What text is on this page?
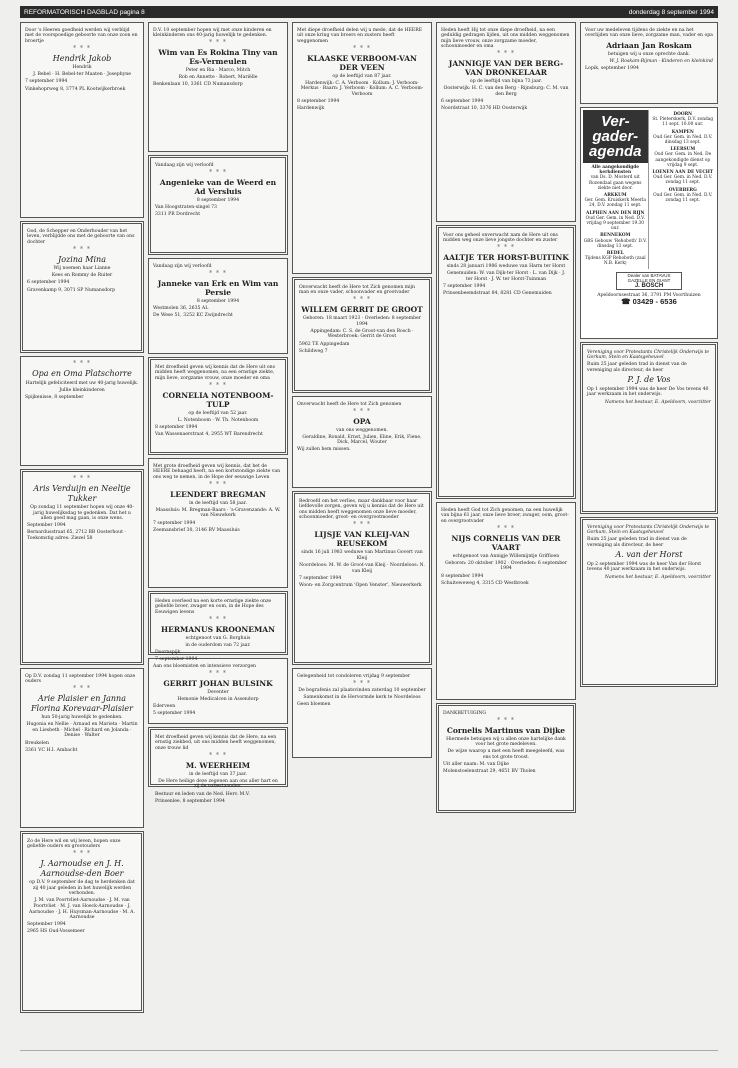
REFORMATORISCH DAGBLAD pagina 8	donderdag 8 september 1994
Door 's Heeren goedheid werden wij verblijd met de voorspoedige geboorte van onze zoon en broertje
* * *
Hendrik Jakob
Hendrik
J. Bebel · H. Bebel-ter Maaten · Josephyne
7 september 1994
Vinkehoprweg 8, 3774 PL Kootwijkerbroek
God, de Schepper en Onderhouder van het leven, verblijdde ons met de geboorte van ons dochter
* * *
Jozina Mina
Wij noemen haar Lianne
Kees en Rommy de Ruiter
6 september 1994
Gravenkamp 9, 3071 SP Numansdorp
* * *
Opa en Oma Platschorre
Hartelijk gefeliciteerd met uw 40-jarig huwelijk.
Jullie kleinkinderen
Spijkenisse, 8 september
* * *
Aris Verduijn en Neeltje Tukker
Op zondag 11 september hopen wij onze 40-jarig huwelijksdag te gedenken. Dat het u allen goed mag gaan, is onze wens.
September 1994
Bernardusstraat 65, 2712 BB Oosterhout · Toekomstig adres: Ziezel 58
Op D.V. zondag 11 september 1994 hopen onze ouders
* * *
Arie Plaisier en Janna Florina Korevaar-Plaisier
hun 50-jarig huwelijk te gedenken.
Hugonia en Nellie · Arnaud en Marieta · Martin en Liesbeth · Michel · Richard en Jolanda · Denise · Walter
Breukelen
3361 VC H.I. Ambacht
Zo de Here wil en wij leven, hopen onze geliefde ouders en grootouders
* * *
J. Aarnoudse en J. H. Aarnoudse-den Boer
op D.V. 9 september de dag te herdenken dat zij 40 jaar geleden in het huwelijk werden verbonden.
J. M. van Poortvliet-Aarnoudse · J. M. van Poortvliet · M. J. van Hoeck-Aarnoudse · J. Aarnoudse · J. H. Huysman-Aarnoudse · M. A. Aarnoudse
September 1994
2965 HS Oud-Vossemeer
D.V. 10 september hopen wij met onze kinderen en kleinkinderen ons 40-jarig huwelijk te gedenken.
* * *
Wim van Es Rokina Tiny van Es-Vermeulen
Peter en Ria · Marco, Mitch
Rob en Annette · Robert, Mariëlle
Benkenlaan 10, 3361 CD Numansdorp
Vandaag zijn wij verloofd
* * *
Angenieke van de Weerd en Ad Versluis
8 september 1994
Van Hoogstraten-singel 73
3311 PR Dordrecht
Vandaag zijn wij verloofd
* * *
Janneke van Erk en Wim van Persie
8 september 1994
Westmolen 36, 2635 AL
De Wese 51, 3252 KC Zwijndrecht
Met droefheid geven wij kennis dat de Here uit ons midden heeft weggenomen, na een ernstige ziekte, mijn lieve, zorgzame vrouw, onze moeder en oma
* * *
CORNELIA NOTENBOOM-TULP
op de leeftijd van 52 jaar.
L. Notenboom · W. Th. Notenboom
8 september 1994
Van Wassenaerstraat 4, 2955 WT Barendrecht
Met grote droefheid geven wij kennis, dat het de HEERE behaagd heeft, na een kortstondige ziekte van ons weg te nemen, in de Hope der eeuwige Leven
* * *
LEENDERT BREGMAN
in de leeftijd van 58 jaar.
Maassluis: M. Bregman-Baars · 's-Gravenzande: A. W. van Nieuwkerk
7 september 1994
Zeemansbrief 30, 3146 BV Maassluis
Heden overleed na een korte ernstige ziekte onze geliefde broer, zwager en oom, in de Hope des Eeuwigen levens
* * *
HERMANUS KROONEMAN
echtgenoot van G. Borghuis
in de ouderdom van 72 jaar.
Doornspijk
7 september 1994
Aan ons bloemisten en intensieve verzorgen
* * *
GERRIT JOHAN BULSINK
Deventer
Hemonie Medicalcen in Assendorp
Ederveen
5 september 1994
Met droefheid geven wij kennis dat de Here, na een ernstig ziekbed, uit ons midden heeft weggenomen, onze trouw lid
* * *
M. WEERHEIM
in de leeftijd van 37 jaar.
De Here heilige deze zegenen aan ons aller hart en zij de nabestaanden.
Bestuur en leden van de Ned. Herv. M.V.
Prinsenlee, 8 september 1994
Met diepe droefheid delen wij u mede, dat de HEERE uit onze kring van broers en zusters heeft weggenomen
* * *
KLAASKE VERBOOM-VAN DER VEEN
op de leeftijd van 87 jaar.
Hardenwijk: C. A. Verboom · Kollum: J. Verboom-Merkus · Baarn: J. Verboom · Kollum: A. C. Verboom-Verboom
8 september 1994
Hardenwijk
Onverwacht heeft de Here tot Zich genomen mijn man en onze vader, schoonvader en grootvader
* * *
WILLEM GERRIT DE GROOT
Geboren: 18 maart 1923 · Overleden: 8 september 1994
Appingedam: C. S. de Groot-van den Bosch · Westerbroek: Gerrit de Groot
5962 TE Appingedam
Schildweg 7
Onverwacht heeft de Here tot Zich genomen
* * *
OPA
van ons weggenomen.
Geraldine, Ronald, Ernst, Julien, Eline, Erik, Fiene, Dick, Marcel, Wouter
Wij zullen hem missen.
Bedroefd om het verlies, maar dankbaar voor haar liefdevolle zorgen, geven wij u kennis dat de Here uit ons midden heeft weggenomen onze lieve moeder, schoonmoeder, groot- en overgrootmoeder
* * *
LIJSJE VAN KLEIJ-VAN REUSEKOM
sinds 16 juli 1983 weduwe van Martinus Govert van Kleij
Noordeloos: M. W. de Groot-van Kleij · Noordeloos: N. van Kleij
7 september 1994
Woon- en Zorgcentrum 'Open Venster', Nieuwerkerk
Gelegenheid tot condoleren vrijdag 9 september
* * *
De begrafenis zal plaatsvinden zaterdag 10 september
Samenkomst in de Hervormde kerk te Noordeloos
Geen bloemen
Heden heeft Hij tot onze diepe droefheid, na een geduldig gedragen lijden, uit ons midden weggenomen mijn lieve vrouw, onze zorgzame moeder, schoonmoeder en oma
* * *
JANNIGJE VAN DER BERG-VAN DRONKELAAR
op de leeftijd van bijna 73 jaar.
Oosterwijk: H. C. van den Berg · Rijnsburg: C. M. van den Berg
6 september 1994
Noordstraat 10, 3376 HD Oosterwijk
Voor ons geheel onverwacht nam de Here uit ons midden weg onze lieve jongste dochter en zuster
* * *
AALTJE TER HORST-BUITINK
sinds 28 januari 1986 weduwe van Harm ter Horst
Genemuiden: W. van Dijk-ter Horst · L. van Dijk · J. ter Horst · J. W. ter Horst-Tuinman
7 september 1994
Prinsenbeemdstraat 84, 8281 CD Genemuiden
Heden heeft God tot Zich genomen, na een huwelijk van bijna 61 jaar, onze lieve broer, zwager, oom, groot- en overgrootvader
* * *
NIJS CORNELIS VAN DER VAART
echtgenoot van Annigje Willemijntje Griffioen
Geboren: 20 oktober 1902 · Overleden: 6 september 1994
8 september 1994
Schuiteweweg 4, 3315 CD Westbroek
DANKBETUIGING
* * *
Cornelis Martinus van Dijke
Hiermede betuigen wij u allen onze hartelijke dank voor het grote medeleven.
De wijze waarop u met een heeft meegeleefd, was ons tot grote troost.
Uit aller naam: M. van Dijke
Molenstoelenstraat 29, 4651 BV Tholen
Voor uw medeleven tijdens de ziekte en na het overlijden van onze lieve, zorgzame man, vader en opa
Adriaan Jan Roskam
betuigen wij u onze oprechte dank.
W. J. Roskam-Bijman · Kinderen en kleinkind
Lopik, september 1994
Ver-gader-agenda
Alle aangekondigde kerkdiensten
van Ds. D. Mosterd uit Rozendaal gaan wegens ziekte niet door.
ARKKUM
Ger. Gem. Kruiskerk Meerla 24, D.V. zondag 11 sept.
ALPHEN AAN DEN RIJN
Oud Ger. Gem. in Ned. D.V. vrijdag 9 september 19.30 uur.
BENNEKOM
GBS Gebouw 'Rehoboth' D.V. dinsdag 13 sept.
BEDEL
Tijdens KGP Rehoboth (zaal N.B. Kerk)
DOORN
St. Pieterskerk, D.V. zondag 11 sept. 10.00 uur.
KAMPEN
Oud Ger. Gem. in Ned. D.V. dinsdag 13 sept.
LEERSUM
Oud Ger. Gem. in Ned. De aangekondigde dienst op vrijdag 9 sept.
LOENEN AAN DE VECHT
Oud Ger. Gem. in Ned. D.V. zondag 11 sept.
OVERBERG
Oud Ger. Gem. in Ned. D.V. zondag 11 sept.
Dealer van BATAVUS
GAZELLE EN GIANT
J. BOSCH
Apeldoornsestraat 36, 3791 PM Voorthuizen
☎ 03429 - 6536
Vereniging voor Protestants Christelijk Onderwijs te Gorkum, Stein en Kaatsgeheuvel
Ruim 25 jaar geleden trad in dienst van de vereniging als directeur, de heer
P. J. de Vos
Op 1 september 1994 was de heer De Vos tevens 40 jaar werkzaam in het onderwijs.
Namens het bestuur, E. Apeldoorn, voorzitter
Vereniging voor Protestants Christelijk Onderwijs te Gorkum, Stein en Kaatsgeheuvel
Ruim 25 jaar geleden trad in dienst van de vereniging als directeur, de heer
A. van der Horst
Op 2 september 1994 was de heer Van der Horst tevens 40 jaar werkzaam in het onderwijs.
Namens het bestuur, E. Apeldoorn, voorzitter
